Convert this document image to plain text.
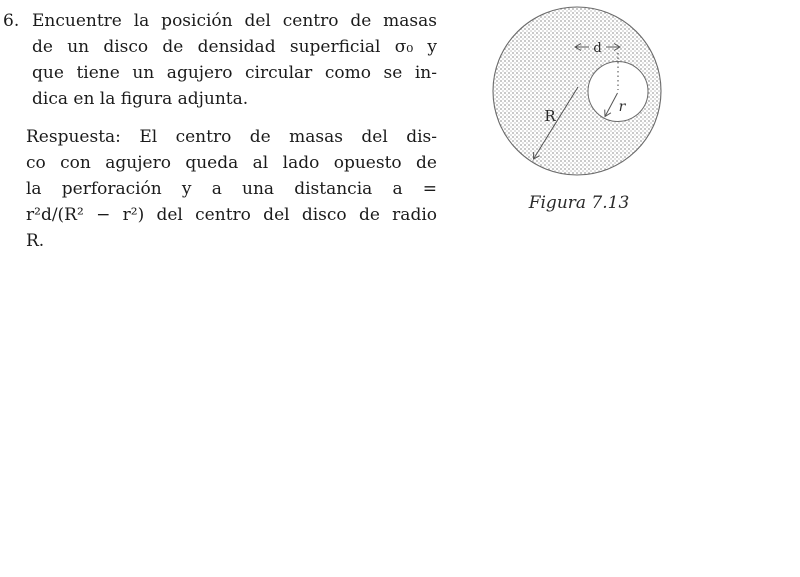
6. Encuentre la posición del centro de masas
de un disco de densidad superficial σ₀ y
que tiene un agujero circular como se in-
dica en la figura adjunta.
Respuesta: El centro de masas del dis-
co con agujero queda al lado opuesto de
la perforación y a una distancia a =
r²d/(R² − r²) del centro del disco de radio
R.
R
d
r
Figura 7.13
